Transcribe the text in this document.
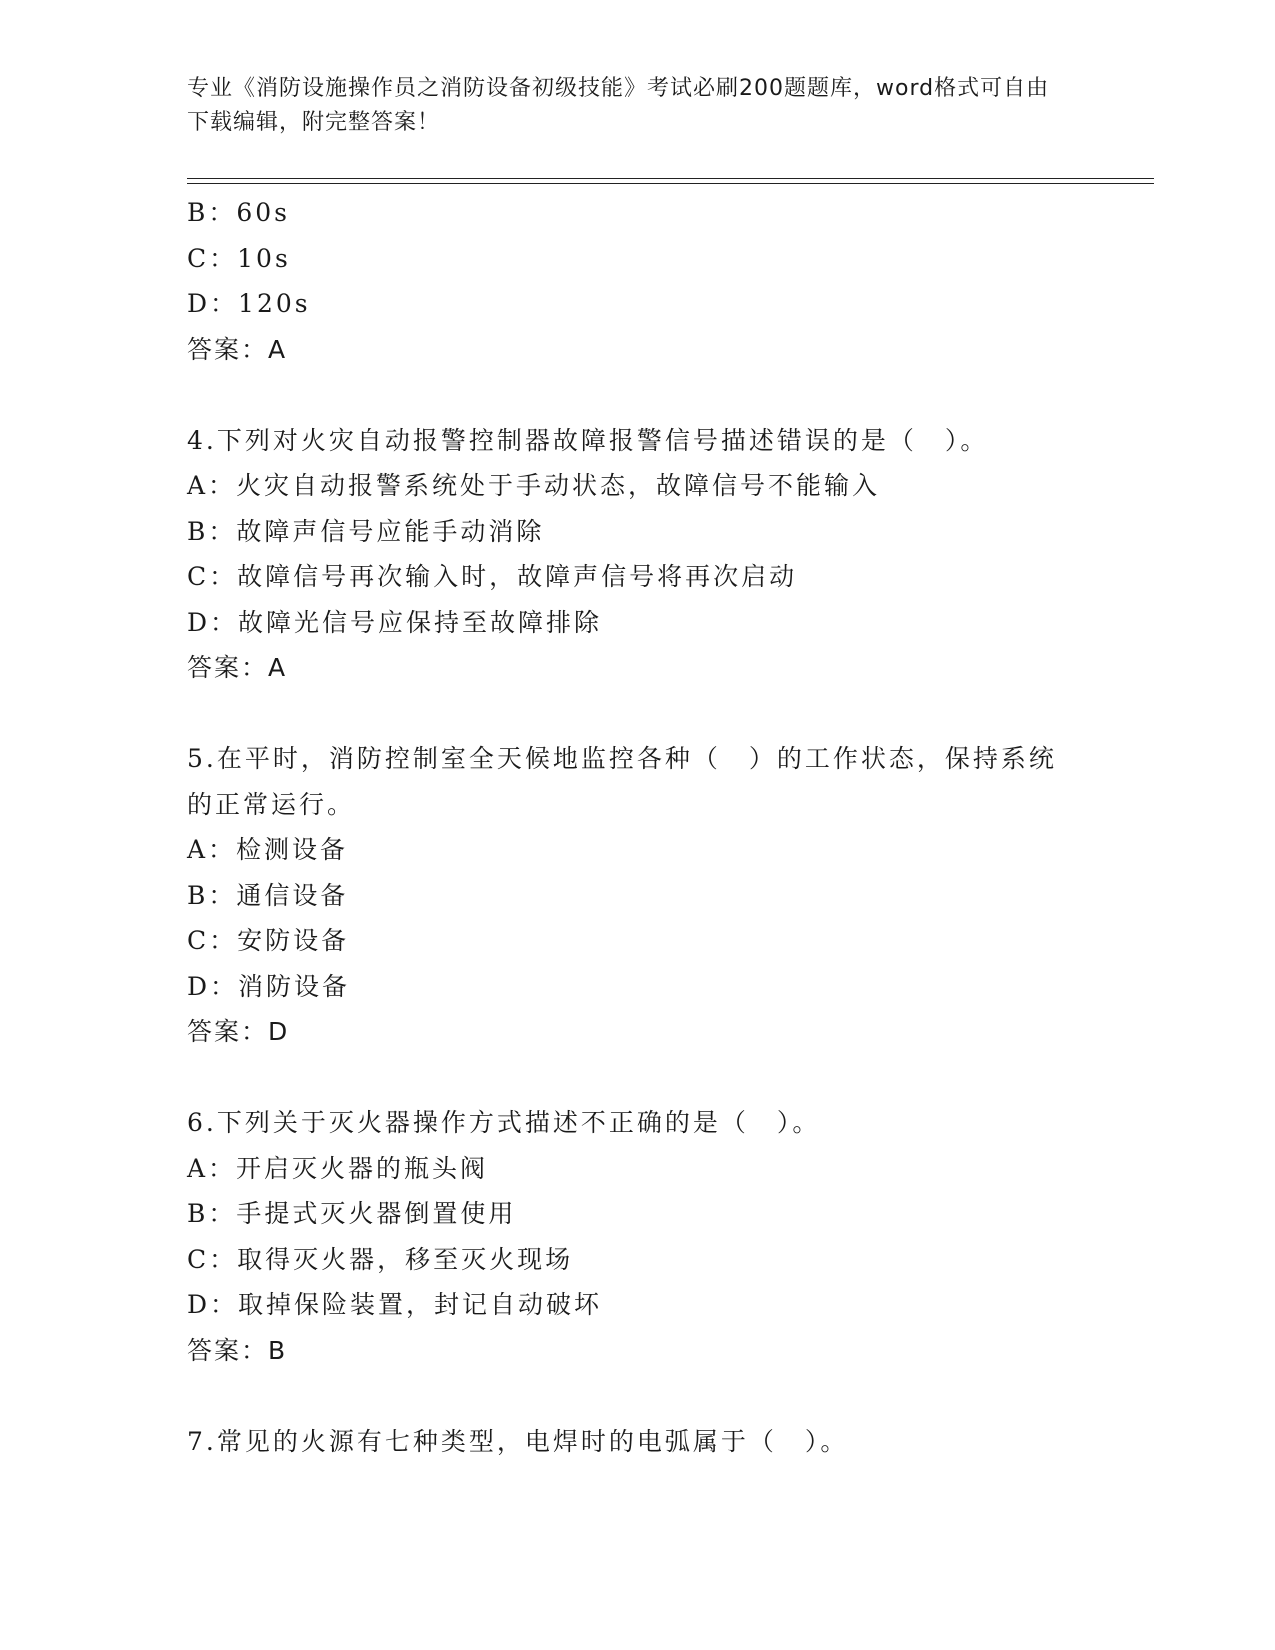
专业《消防设施操作员之消防设备初级技能》考试必刷200题题库，word格式可自由下载编辑，附完整答案！
B：60s
C：10s
D：120s
答案：A
4.下列对火灾自动报警控制器故障报警信号描述错误的是（　）。
A：火灾自动报警系统处于手动状态，故障信号不能输入
B：故障声信号应能手动消除
C：故障信号再次输入时，故障声信号将再次启动
D：故障光信号应保持至故障排除
答案：A
5.在平时，消防控制室全天候地监控各种（　）的工作状态，保持系统的正常运行。
A：检测设备
B：通信设备
C：安防设备
D：消防设备
答案：D
6.下列关于灭火器操作方式描述不正确的是（　）。
A：开启灭火器的瓶头阀
B：手提式灭火器倒置使用
C：取得灭火器，移至灭火现场
D：取掉保险装置，封记自动破坏
答案：B
7.常见的火源有七种类型，电焊时的电弧属于（　）。
